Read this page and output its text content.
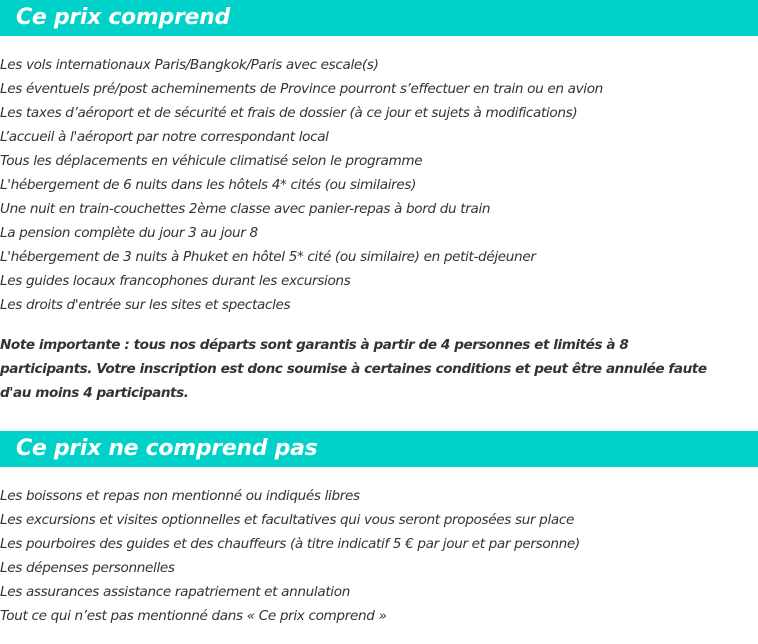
Ce prix comprend
Les vols internationaux Paris/Bangkok/Paris avec escale(s)
Les éventuels pré/post acheminements de Province pourront s’effectuer en train ou en avion
Les taxes d’aéroport et de sécurité et frais de dossier (à ce jour et sujets à modifications)
L’accueil à l'aéroport par notre correspondant local
Tous les déplacements en véhicule climatisé selon le programme
L'hébergement de 6 nuits dans les hôtels 4* cités (ou similaires)
Une nuit en train-couchettes 2ème classe avec panier-repas à bord du train
La pension complète du jour 3 au jour 8
L'hébergement de 3 nuits à Phuket en hôtel 5* cité (ou similaire) en petit-déjeuner
Les guides locaux francophones durant les excursions
Les droits d'entrée sur les sites et spectacles

Note importante : tous nos départs sont garantis à partir de 4 personnes et limités à 8 participants. Votre inscription est donc soumise à certaines conditions et peut être annulée faute d'au moins 4 participants.

Ce prix ne comprend pas
Les boissons et repas non mentionné ou indiqués libres
Les excursions et visites optionnelles et facultatives qui vous seront proposées sur place
Les pourboires des guides et des chauffeurs (à titre indicatif 5 € par jour et par personne)
Les dépenses personnelles
Les assurances assistance rapatriement et annulation
Tout ce qui n’est pas mentionné dans « Ce prix comprend »
